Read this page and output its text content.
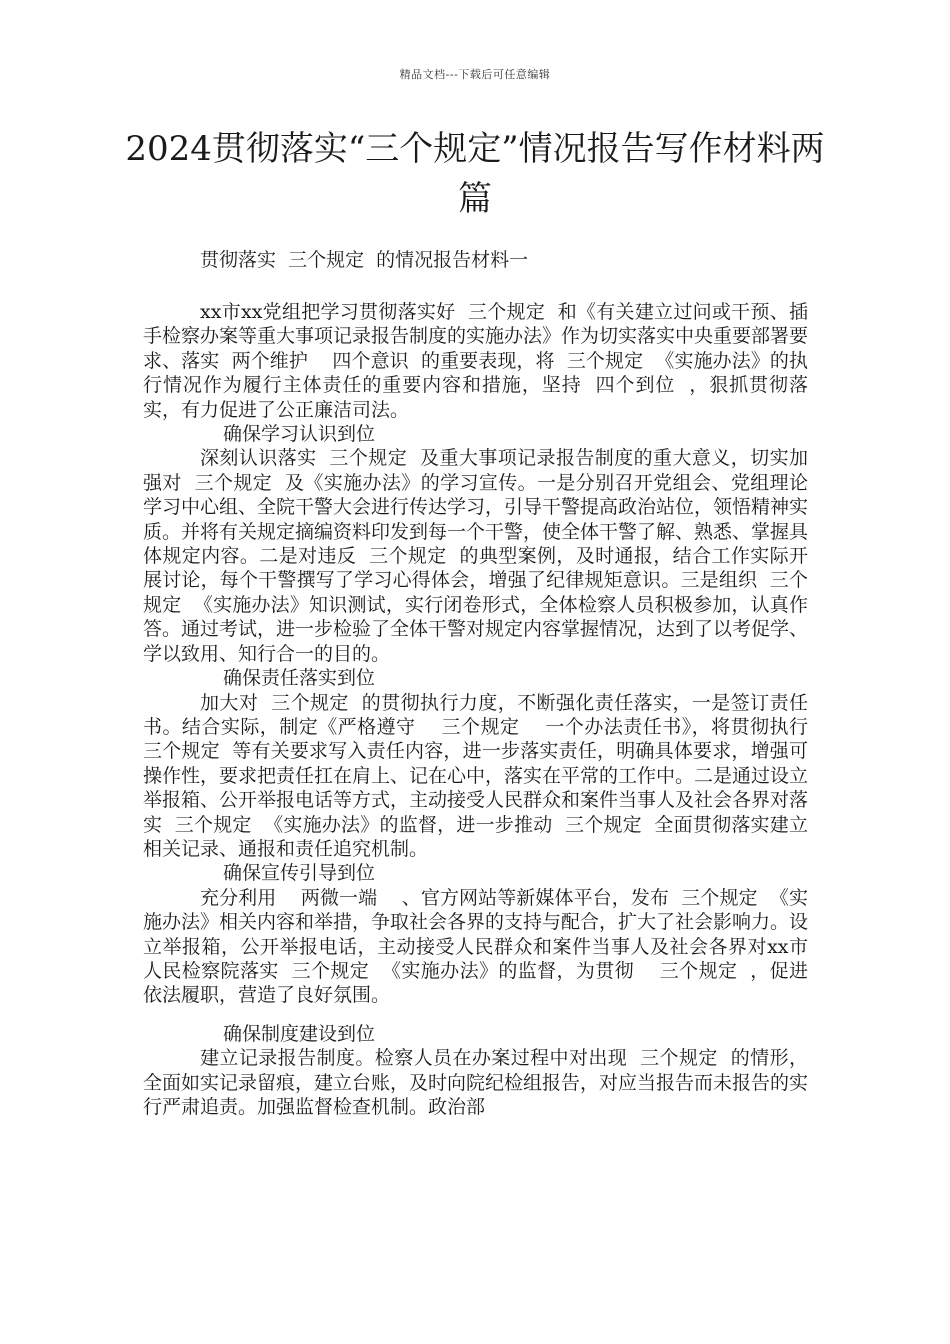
精品文档---下载后可任意编辑
2024贯彻落实“三个规定”情况报告写作材料两篇

贯彻落实  三个规定  的情况报告材料一

xx市xx党组把学习贯彻落实好  三个规定  和《有关建立过问或干预、插手检察办案等重大事项记录报告制度的实施办法》作为切实落实中央重要部署要求、落实  两个维护    四个意识  的重要表现，将  三个规定  《实施办法》的执行情况作为履行主体责任的重要内容和措施，坚持  四个到位  ，狠抓贯彻落实，有力促进了公正廉洁司法。

确保学习认识到位

深刻认识落实  三个规定  及重大事项记录报告制度的重大意义，切实加强对  三个规定  及《实施办法》的学习宣传。一是分别召开党组会、党组理论学习中心组、全院干警大会进行传达学习，引导干警提高政治站位，领悟精神实质。并将有关规定摘编资料印发到每一个干警，使全体干警了解、熟悉、掌握具体规定内容。二是对违反  三个规定  的典型案例，及时通报，结合工作实际开展讨论，每个干警撰写了学习心得体会，增强了纪律规矩意识。三是组织  三个规定  《实施办法》知识测试，实行闭卷形式，全体检察人员积极参加，认真作答。通过考试，进一步检验了全体干警对规定内容掌握情况，达到了以考促学、学以致用、知行合一的目的。

确保责任落实到位

加大对  三个规定  的贯彻执行力度，不断强化责任落实，一是签订责任书。结合实际，制定《严格遵守    三个规定    一个办法责任书》，将贯彻执行  三个规定  等有关要求写入责任内容，进一步落实责任，明确具体要求，增强可操作性，要求把责任扛在肩上、记在心中，落实在平常的工作中。二是通过设立举报箱、公开举报电话等方式，主动接受人民群众和案件当事人及社会各界对落实  三个规定  《实施办法》的监督，进一步推动  三个规定  全面贯彻落实建立相关记录、通报和责任追究机制。

确保宣传引导到位

充分利用    两微一端    、官方网站等新媒体平台，发布  三个规定  《实施办法》相关内容和举措，争取社会各界的支持与配合，扩大了社会影响力。设立举报箱，公开举报电话，主动接受人民群众和案件当事人及社会各界对xx市人民检察院落实  三个规定  《实施办法》的监督，为贯彻    三个规定  ，促进依法履职，营造了良好氛围。

确保制度建设到位

建立记录报告制度。检察人员在办案过程中对出现  三个规定  的情形，全面如实记录留痕，建立台账，及时向院纪检组报告，对应当报告而未报告的实行严肃追责。加强监督检查机制。政治部
